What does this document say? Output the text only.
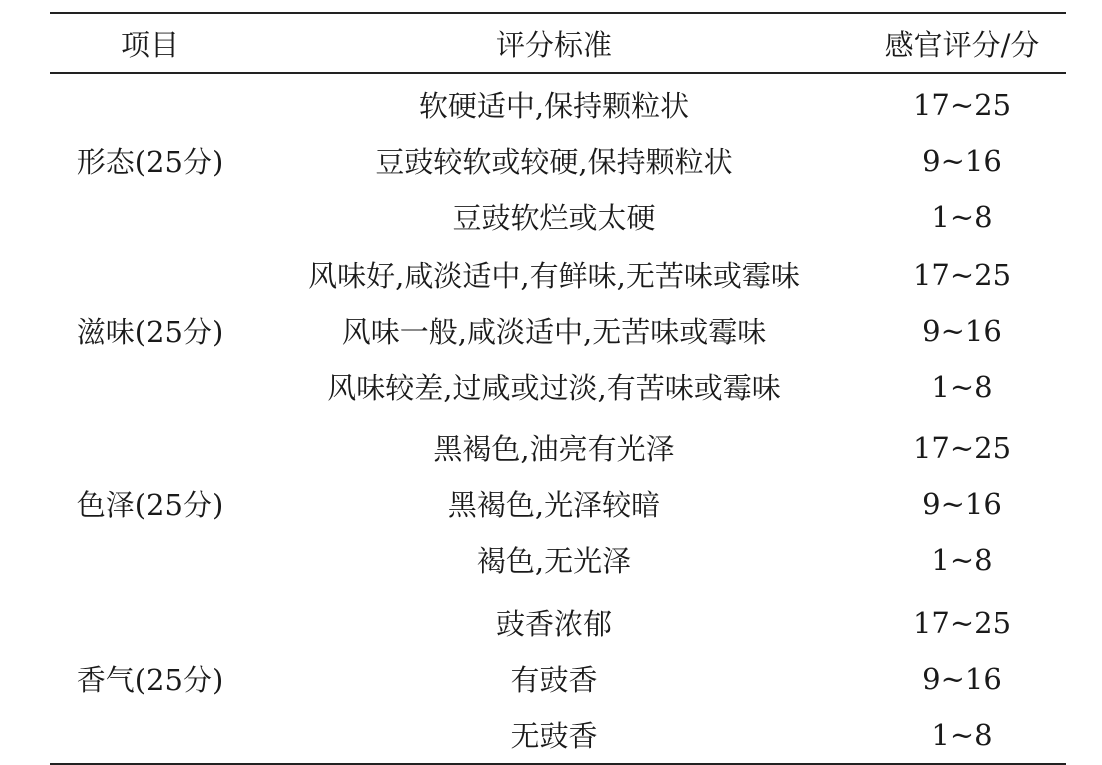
项目	评分标准	感官评分/分
形态(25分)
软硬适中,保持颗粒状	17~25
豆豉较软或较硬,保持颗粒状	9~16
豆豉软烂或太硬	1~8
滋味(25分)
风味好,咸淡适中,有鲜味,无苦味或霉味	17~25
风味一般,咸淡适中,无苦味或霉味	9~16
风味较差,过咸或过淡,有苦味或霉味	1~8
色泽(25分)
黑褐色,油亮有光泽	17~25
黑褐色,光泽较暗	9~16
褐色,无光泽	1~8
香气(25分)
豉香浓郁	17~25
有豉香	9~16
无豉香	1~8
